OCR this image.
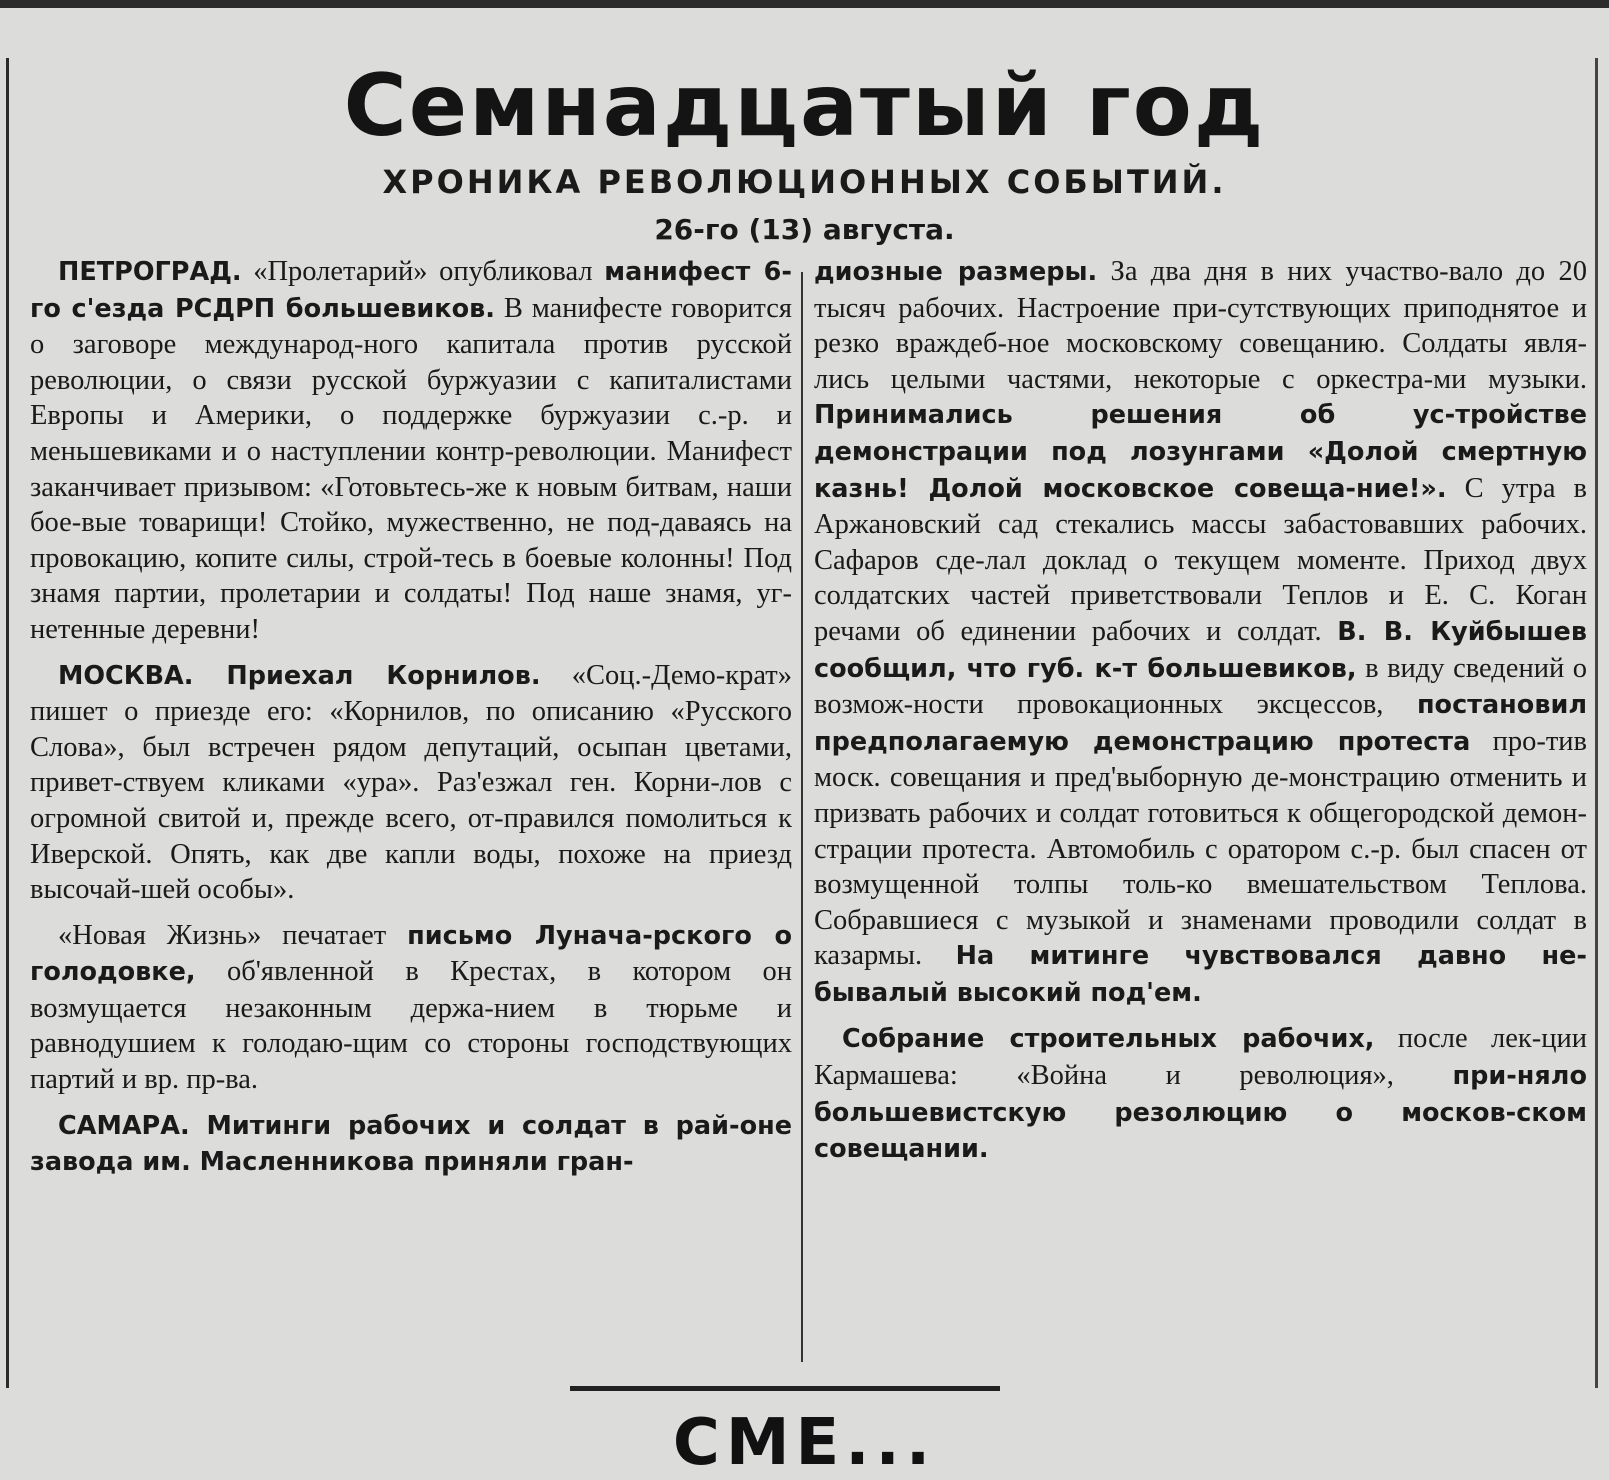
Семнадцатый год
ХРОНИКА РЕВОЛЮЦИОННЫХ СОБЫТИЙ.
26-го (13) августа.

ПЕТРОГРАД. «Пролетарий» опубликовал манифест 6-го с'езда РСДРП большевиков. В манифесте говорится о заговоре международ-ного капитала против русской революции, о связи русской буржуазии с капиталистами Европы и Америки, о поддержке буржуазии с.-р. и меньшевиками и о наступлении контр-революции. Манифест заканчивает призывом: «Готовьтесь-же к новым битвам, наши бое-вые товарищи! Стойко, мужественно, не под-даваясь на провокацию, копите силы, строй-тесь в боевые колонны! Под знамя партии, пролетарии и солдаты! Под наше знамя, уг-нетенные деревни!

МОСКВА. Приехал Корнилов. «Соц.-Демо-крат» пишет о приезде его: «Корнилов, по описанию «Русского Слова», был встречен рядом депутаций, осыпан цветами, привет-ствуем кликами «ура». Раз'езжал ген. Корни-лов с огромной свитой и, прежде всего, от-правился помолиться к Иверской. Опять, как две капли воды, похоже на приезд высочай-шей особы».

«Новая Жизнь» печатает письмо Лунача-рского о голодовке, об'явленной в Крестах, в котором он возмущается незаконным держа-нием в тюрьме и равнодушием к голодаю-щим со стороны господствующих партий и вр. пр-ва.

САМАРА. Митинги рабочих и солдат в рай-оне завода им. Масленникова приняли гран-

диозные размеры. За два дня в них участво-вало до 20 тысяч рабочих. Настроение при-сутствующих приподнятое и резко враждеб-ное московскому совещанию. Солдаты явля-лись целыми частями, некоторые с оркестра-ми музыки. Принимались решения об ус-тройстве демонстрации под лозунгами «Долой смертную казнь! Долой московское совеща-ние!». С утра в Аржановский сад стекались массы забастовавших рабочих. Сафаров сде-лал доклад о текущем моменте. Приход двух солдатских частей приветствовали Теплов и Е. С. Коган речами об единении рабочих и солдат. В. В. Куйбышев сообщил, что губ. к-т большевиков, в виду сведений о возмож-ности провокационных эксцессов, постановил предполагаемую демонстрацию протеста про-тив моск. совещания и пред'выборную де-монстрацию отменить и призвать рабочих и солдат готовиться к общегородской демон-страции протеста. Автомобиль с оратором с.-р. был спасен от возмущенной толпы толь-ко вмешательством Теплова. Собравшиеся с музыкой и знаменами проводили солдат в казармы. На митинге чувствовался давно не-бывалый высокий под'ем.

Собрание строительных рабочих, после лек-ции Кармашева: «Война и революция», при-няло большевистскую резолюцию о москов-ском совещании.

СМЕ...
